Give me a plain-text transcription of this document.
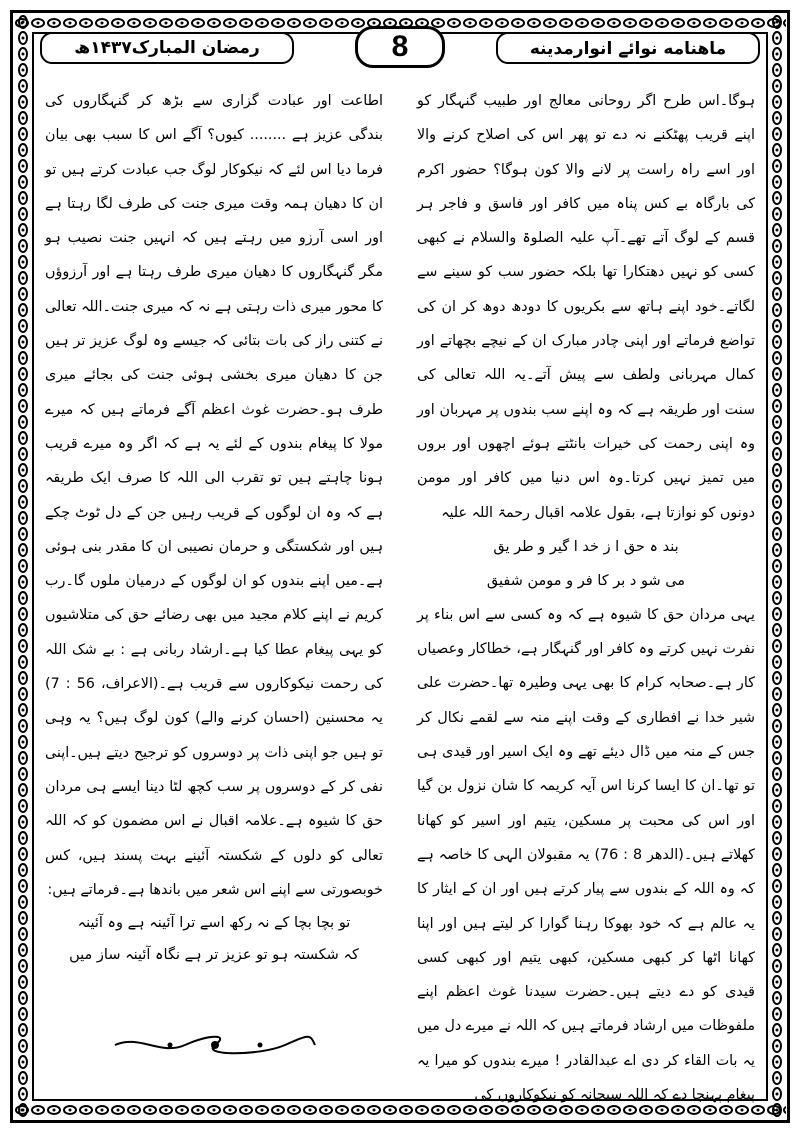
ماهنامه نوائے انوارمدینه
8
رمضان المبارک۱۴۳۷ھ

ہوگا۔اس طرح اگر روحانی معالج اور طبیب گنہگار کو اپنے قریب پھٹکنے نہ دے تو پھر اس کی اصلاح کرنے والا اور اسے راہ راست پر لانے والا کون ہوگا؟ حضور اکرم کی بارگاہ بے کس پناہ میں کافر اور فاسق و فاجر ہر قسم کے لوگ آتے تھے۔آپ علیہ الصلوۃ والسلام نے کبھی کسی کو نہیں دھتکارا تھا بلکہ حضور سب کو سینے سے لگاتے۔خود اپنے ہاتھ سے بکریوں کا دودھ دوھ کر ان کی تواضع فرماتے اور اپنی چادر مبارک ان کے نیچے بچھاتے اور کمال مہربانی ولطف سے پیش آتے۔یہ اللہ تعالی کی سنت اور طریقہ ہے کہ وہ اپنے سب بندوں پر مہربان اور وہ اپنی رحمت کی خیرات بانٹتے ہوئے اچھوں اور بروں میں تمیز نہیں کرتا۔وہ اس دنیا میں کافر اور مومن دونوں کو نوازتا ہے، بقول علامہ اقبال رحمۃ اللہ علیہ

بند ہ حق ا ز خد ا گیر و طر یق

می شو د بر کا فر و مومن شفیق

یہی مردان حق کا شیوہ ہے کہ وہ کسی سے اس بناء پر نفرت نہیں کرتے وہ کافر اور گنہگار ہے، خطاکار وعصیاں کار ہے۔صحابہ کرام کا بھی یہی وطیرہ تھا۔حضرت علی شیر خدا نے افطاری کے وقت اپنے منہ سے لقمے نکال کر جس کے منہ میں ڈال دیئے تھے وہ ایک اسیر اور قیدی ہی تو تھا۔ان کا ایسا کرنا اس آیہ کریمہ کا شان نزول بن گیا اور اس کی محبت پر مسکین، یتیم اور اسیر کو کھانا کھلاتے ہیں۔(الدھر 8 : 76) یہ مقبولان الہی کا خاصہ ہے کہ وہ اللہ کے بندوں سے پیار کرتے ہیں اور ان کے ایثار کا یہ عالم ہے کہ خود بھوکا رہنا گوارا کر لیتے ہیں اور اپنا کھانا اٹھا کر کبھی مسکین، کبھی یتیم اور کبھی کسی قیدی کو دے دیتے ہیں۔حضرت سیدنا غوث اعظم اپنے ملفوظات میں ارشاد فرماتے ہیں کہ اللہ نے میرے دل میں یہ بات القاء کر دی اے عبدالقادر ! میرے بندوں کو میرا یہ پیغام پہنچا دے کہ اللہ سبحانہ کو نیکوکاروں کی

اطاعت اور عبادت گزاری سے بڑھ کر گنہگاروں کی بندگی عزیز ہے ........ کیوں؟ آگے اس کا سبب بھی بیان فرما دیا اس لئے کہ نیکوکار لوگ جب عبادت کرتے ہیں تو ان کا دھیان ہمہ وقت میری جنت کی طرف لگا رہتا ہے اور اسی آرزو میں رہتے ہیں کہ انہیں جنت نصیب ہو مگر گنہگاروں کا دھیان میری طرف رہتا ہے اور آرزوؤں کا محور میری ذات رہتی ہے نہ کہ میری جنت۔اللہ تعالی نے کتنی راز کی بات بتائی کہ جیسے وہ لوگ عزیز تر ہیں جن کا دھیان میری بخشی ہوئی جنت کی بجائے میری طرف ہو۔حضرت غوث اعظم آگے فرماتے ہیں کہ میرے مولا کا پیغام بندوں کے لئے یہ ہے کہ اگر وہ میرے قریب ہونا چاہتے ہیں تو تقرب الی اللہ کا صرف ایک طریقہ ہے کہ وہ ان لوگوں کے قریب رہیں جن کے دل ٹوٹ چکے ہیں اور شکستگی و حرمان نصیبی ان کا مقدر بنی ہوئی ہے۔میں اپنے بندوں کو ان لوگوں کے درمیان ملوں گا۔رب کریم نے اپنے کلام مجید میں بھی رضائے حق کی متلاشیوں کو یہی پیغام عطا کیا ہے۔ارشاد ربانی ہے : بے شک اللہ کی رحمت نیکوکاروں سے قریب ہے۔(الاعراف، 56 : 7) یہ محسنین (احسان کرنے والے) کون لوگ ہیں؟ یہ وہی تو ہیں جو اپنی ذات پر دوسروں کو ترجیح دیتے ہیں۔اپنی نفی کر کے دوسروں پر سب کچھ لٹا دینا ایسے ہی مردان حق کا شیوہ ہے۔علامہ اقبال نے اس مضمون کو کہ اللہ تعالی کو دلوں کے شکستہ آئینے بہت پسند ہیں، کس خوبصورتی سے اپنے اس شعر میں باندھا ہے۔فرماتے ہیں:

تو بچا بچا کے نہ رکھ اسے ترا آئینہ ہے وہ آئینہ

کہ شکستہ ہو تو عزیز تر ہے نگاہ آئینہ ساز میں
